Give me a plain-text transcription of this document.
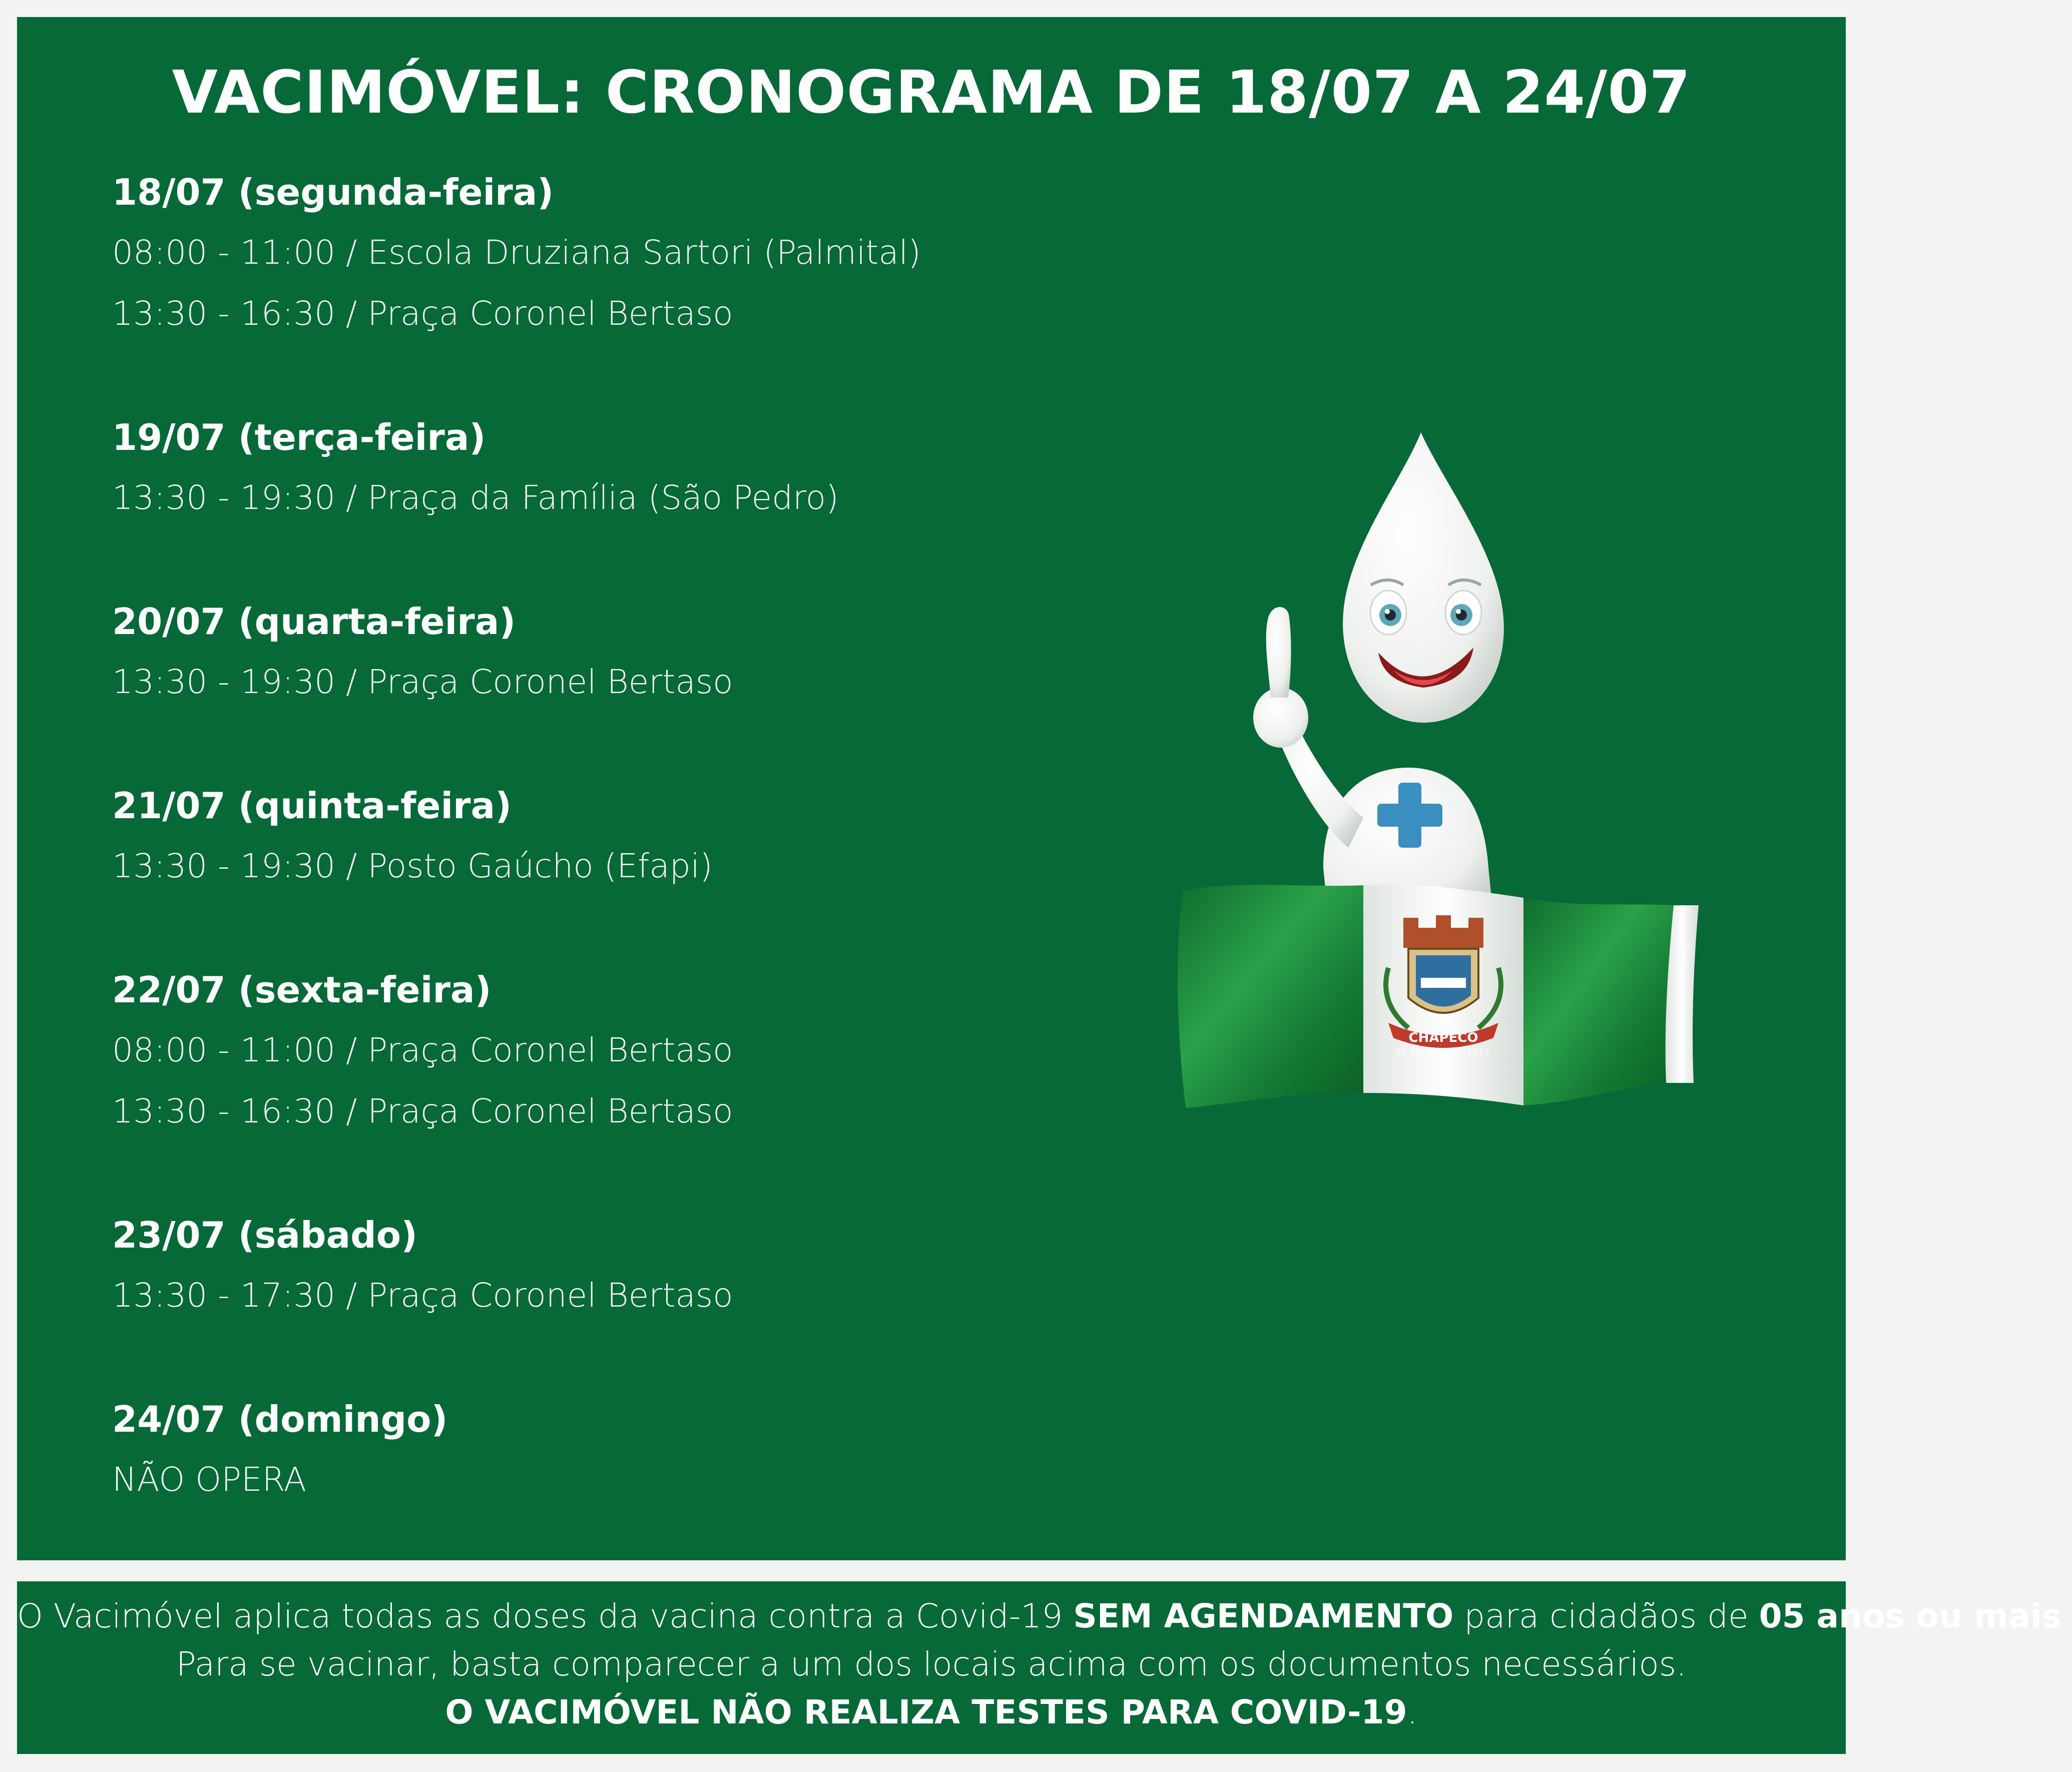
VACIMÓVEL: CRONOGRAMA DE 18/07 A 24/07
18/07 (segunda-feira)
08:00 - 11:00 / Escola Druziana Sartori (Palmital)
13:30 - 16:30 / Praça Coronel Bertaso
19/07 (terça-feira)
13:30 - 19:30 / Praça da Família (São Pedro)
20/07 (quarta-feira)
13:30 - 19:30 / Praça Coronel Bertaso
21/07 (quinta-feira)
13:30 - 19:30 / Posto Gaúcho (Efapi)
22/07 (sexta-feira)
08:00 - 11:00 / Praça Coronel Bertaso
13:30 - 16:30 / Praça Coronel Bertaso
23/07 (sábado)
13:30 - 17:30 / Praça Coronel Bertaso
24/07 (domingo)
NÃO OPERA
CHAPECÓ
25-08	1917
O Vacimóvel aplica todas as doses da vacina contra a Covid-19 SEM AGENDAMENTO para cidadãos de 05 anos ou mais.
Para se vacinar, basta comparecer a um dos locais acima com os documentos necessários.
O VACIMÓVEL NÃO REALIZA TESTES PARA COVID-19.
